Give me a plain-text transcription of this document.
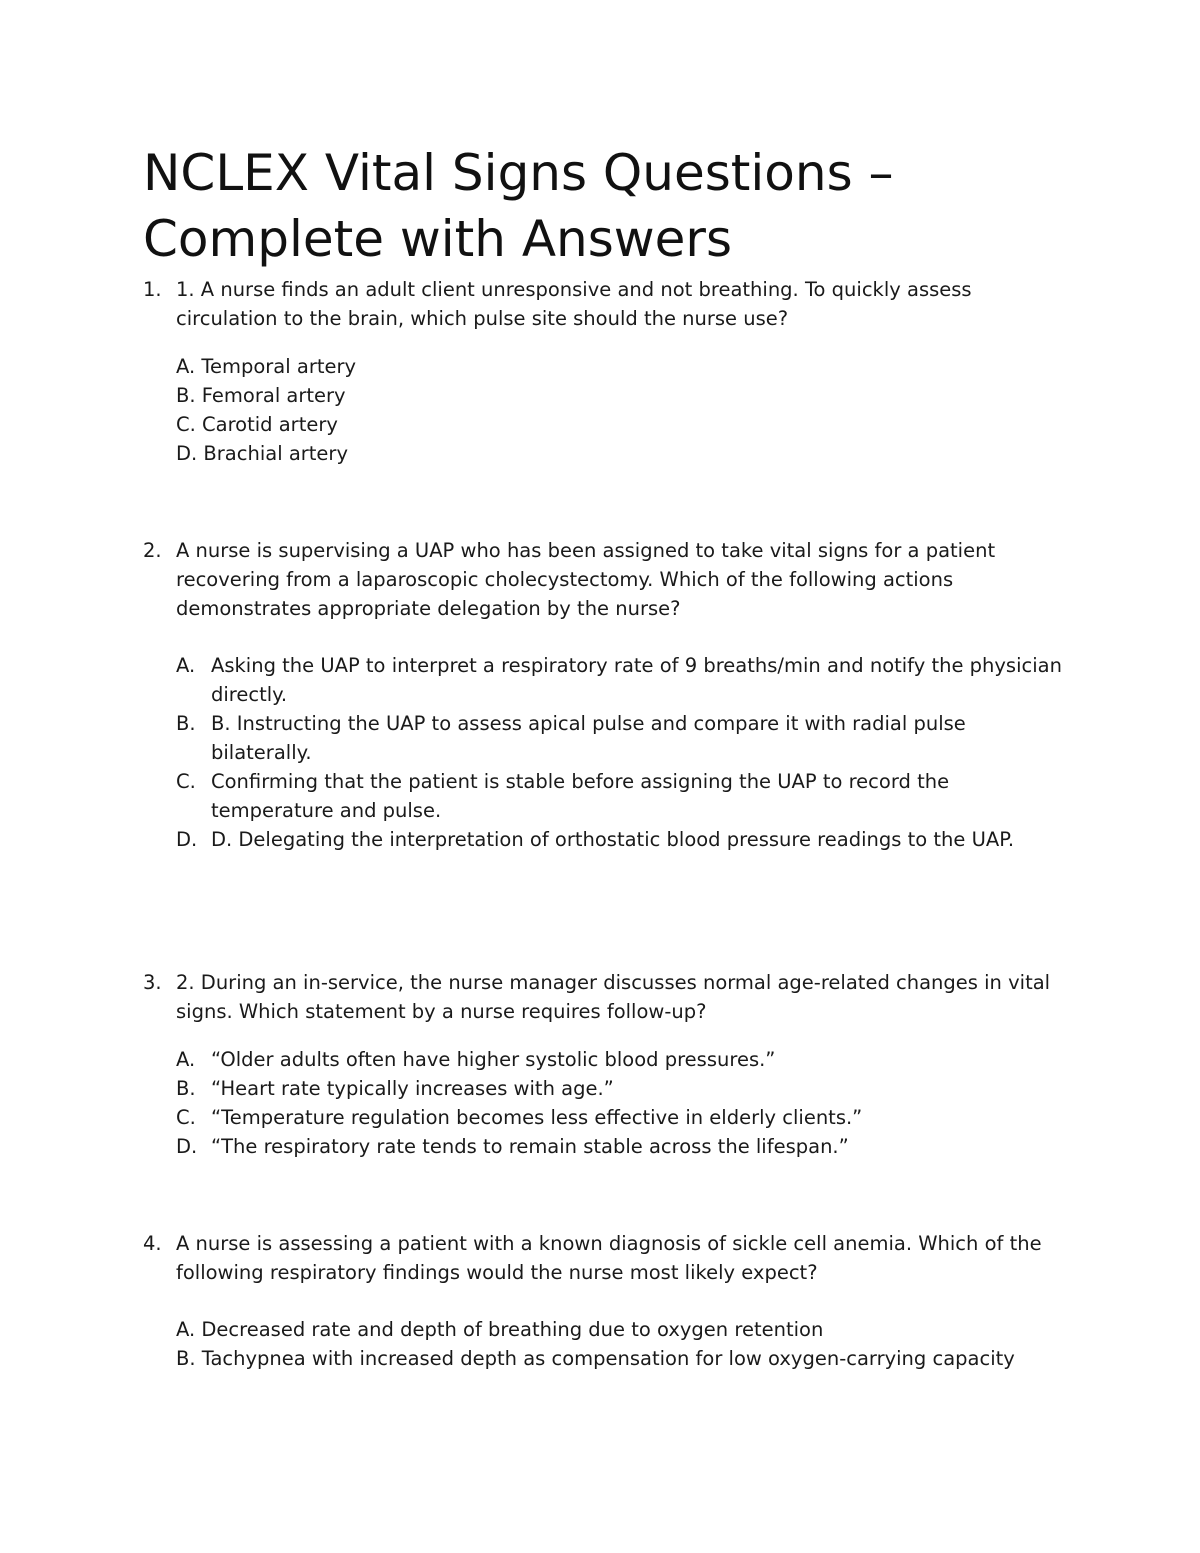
NCLEX Vital Signs Questions – Complete with Answers
1. 1. A nurse finds an adult client unresponsive and not breathing. To quickly assess circulation to the brain, which pulse site should the nurse use?
A. Temporal artery
B. Femoral artery
C. Carotid artery
D. Brachial artery
2. A nurse is supervising a UAP who has been assigned to take vital signs for a patient recovering from a laparoscopic cholecystectomy. Which of the following actions demonstrates appropriate delegation by the nurse?
A. Asking the UAP to interpret a respiratory rate of 9 breaths/min and notify the physician directly.
B. B. Instructing the UAP to assess apical pulse and compare it with radial pulse bilaterally.
C. Confirming that the patient is stable before assigning the UAP to record the temperature and pulse.
D. D. Delegating the interpretation of orthostatic blood pressure readings to the UAP.
3. 2. During an in-service, the nurse manager discusses normal age-related changes in vital signs. Which statement by a nurse requires follow-up?
A. “Older adults often have higher systolic blood pressures.”
B. “Heart rate typically increases with age.”
C. “Temperature regulation becomes less effective in elderly clients.”
D. “The respiratory rate tends to remain stable across the lifespan.”
4. A nurse is assessing a patient with a known diagnosis of sickle cell anemia. Which of the following respiratory findings would the nurse most likely expect?
A. Decreased rate and depth of breathing due to oxygen retention
B. Tachypnea with increased depth as compensation for low oxygen-carrying capacity
